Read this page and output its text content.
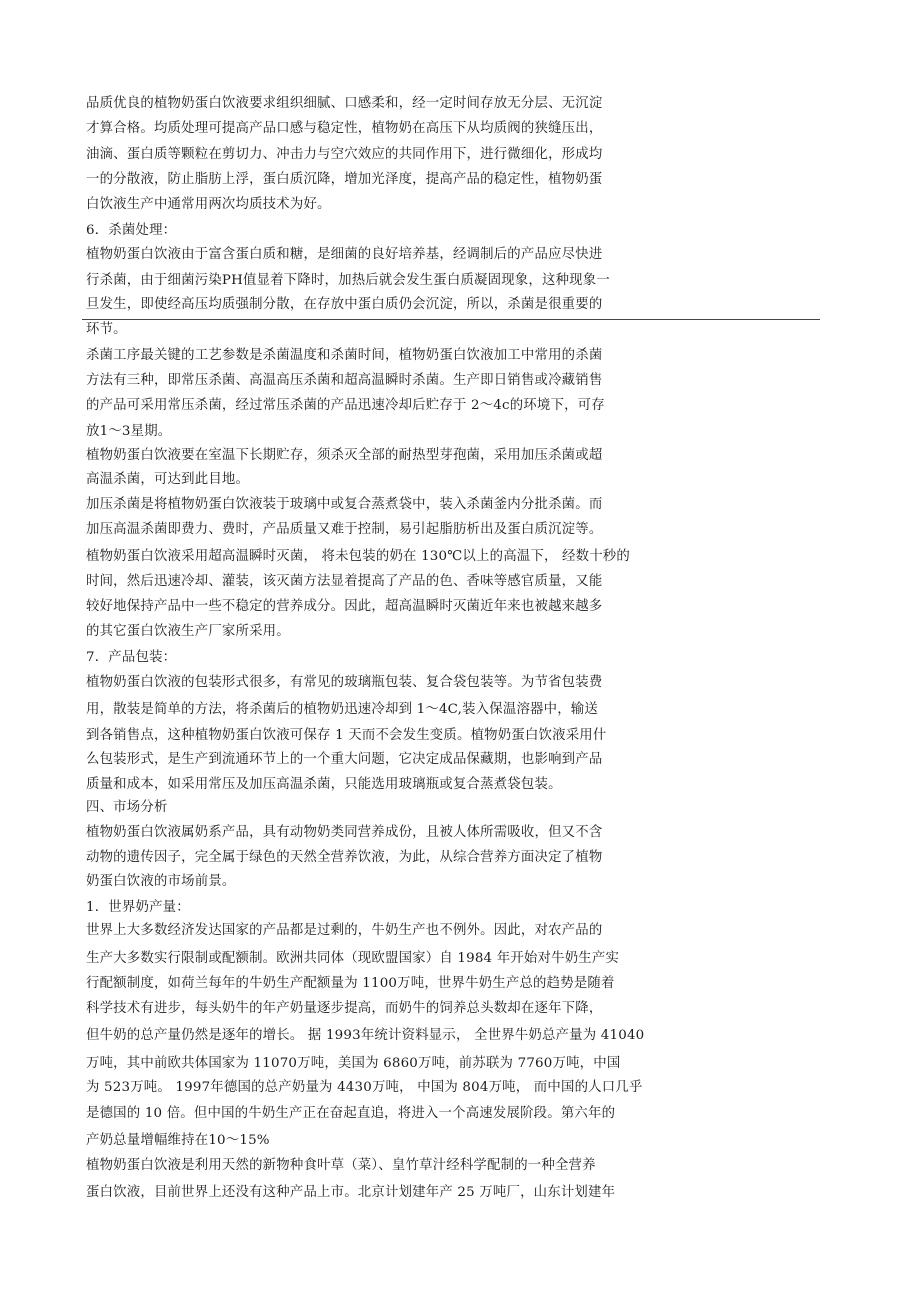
品质优良的植物奶蛋白饮液要求组织细腻、口感柔和，经一定时间存放无分层、无沉淀
才算合格。均质处理可提高产品口感与稳定性，植物奶在高压下从均质阀的狭缝压出，
油滴、蛋白质等颗粒在剪切力、冲击力与空穴效应的共同作用下，进行微细化，形成均
一的分散液，防止脂肪上浮，蛋白质沉降，增加光泽度，提高产品的稳定性，植物奶蛋
白饮液生产中通常用两次均质技术为好。
6．杀菌处理：
植物奶蛋白饮液由于富含蛋白质和糖，是细菌的良好培养基，经调制后的产品应尽快进
行杀菌，由于细菌污染PH值显着下降时，加热后就会发生蛋白质凝固现象，这种现象一
旦发生，即使经高压均质强制分散，在存放中蛋白质仍会沉淀，所以，杀菌是很重要的
环节。
杀菌工序最关键的工艺参数是杀菌温度和杀菌时间，植物奶蛋白饮液加工中常用的杀菌
方法有三种，即常压杀菌、高温高压杀菌和超高温瞬时杀菌。生产即日销售或冷藏销售
的产品可采用常压杀菌，经过常压杀菌的产品迅速冷却后贮存于 2〜4c的环境下，可存
放1〜3星期。
植物奶蛋白饮液要在室温下长期贮存，须杀灭全部的耐热型芽孢菌，采用加压杀菌或超
高温杀菌，可达到此目地。
加压杀菌是将植物奶蛋白饮液装于玻璃中或复合蒸煮袋中，装入杀菌釜内分批杀菌。而
加压高温杀菌即费力、费时，产品质量又难于控制，易引起脂肪析出及蛋白质沉淀等。
植物奶蛋白饮液采用超高温瞬时灭菌， 将未包装的奶在 130℃以上的高温下， 经数十秒的
时间，然后迅速冷却、灌装，该灭菌方法显着提高了产品的色、香味等感官质量，又能
较好地保持产品中一些不稳定的营养成分。因此，超高温瞬时灭菌近年来也被越来越多
的其它蛋白饮液生产厂家所采用。
7．产品包装：
植物奶蛋白饮液的包装形式很多，有常见的玻璃瓶包装、复合袋包装等。为节省包装费
用，散装是简单的方法，将杀菌后的植物奶迅速冷却到 1〜4C,装入保温溶器中，输送
到各销售点，这种植物奶蛋白饮液可保存 1 天而不会发生变质。植物奶蛋白饮液采用什
么包装形式，是生产到流通环节上的一个重大问题，它决定成品保藏期，也影响到产品
质量和成本，如采用常压及加压高温杀菌，只能选用玻璃瓶或复合蒸煮袋包装。
四、市场分析
植物奶蛋白饮液属奶系产品，具有动物奶类同营养成份，且被人体所需吸收，但又不含
动物的遗传因子，完全属于绿色的天然全营养饮液，为此，从综合营养方面决定了植物
奶蛋白饮液的市场前景。
1．世界奶产量：
世界上大多数经济发达国家的产品都是过剩的，牛奶生产也不例外。因此，对农产品的
生产大多数实行限制或配额制。欧洲共同体（现欧盟国家）自 1984 年开始对牛奶生产实
行配额制度，如荷兰每年的牛奶生产配额量为 1100万吨，世界牛奶生产总的趋势是随着
科学技术有进步，每头奶牛的年产奶量逐步提高，而奶牛的饲养总头数却在逐年下降，
但牛奶的总产量仍然是逐年的增长。 据 1993年统计资料显示， 全世界牛奶总产量为 41040
万吨，其中前欧共体国家为 11070万吨，美国为 6860万吨，前苏联为 7760万吨，中国
为 523万吨。 1997年德国的总产奶量为 4430万吨， 中国为 804万吨， 而中国的人口几乎
是德国的 10 倍。但中国的牛奶生产正在奋起直追，将进入一个高速发展阶段。第六年的
产奶总量增幅维持在10〜15%
植物奶蛋白饮液是利用天然的新物种食叶草（菜）、皇竹草汁经科学配制的一种全营养
蛋白饮液，目前世界上还没有这种产品上市。北京计划建年产 25 万吨厂，山东计划建年
